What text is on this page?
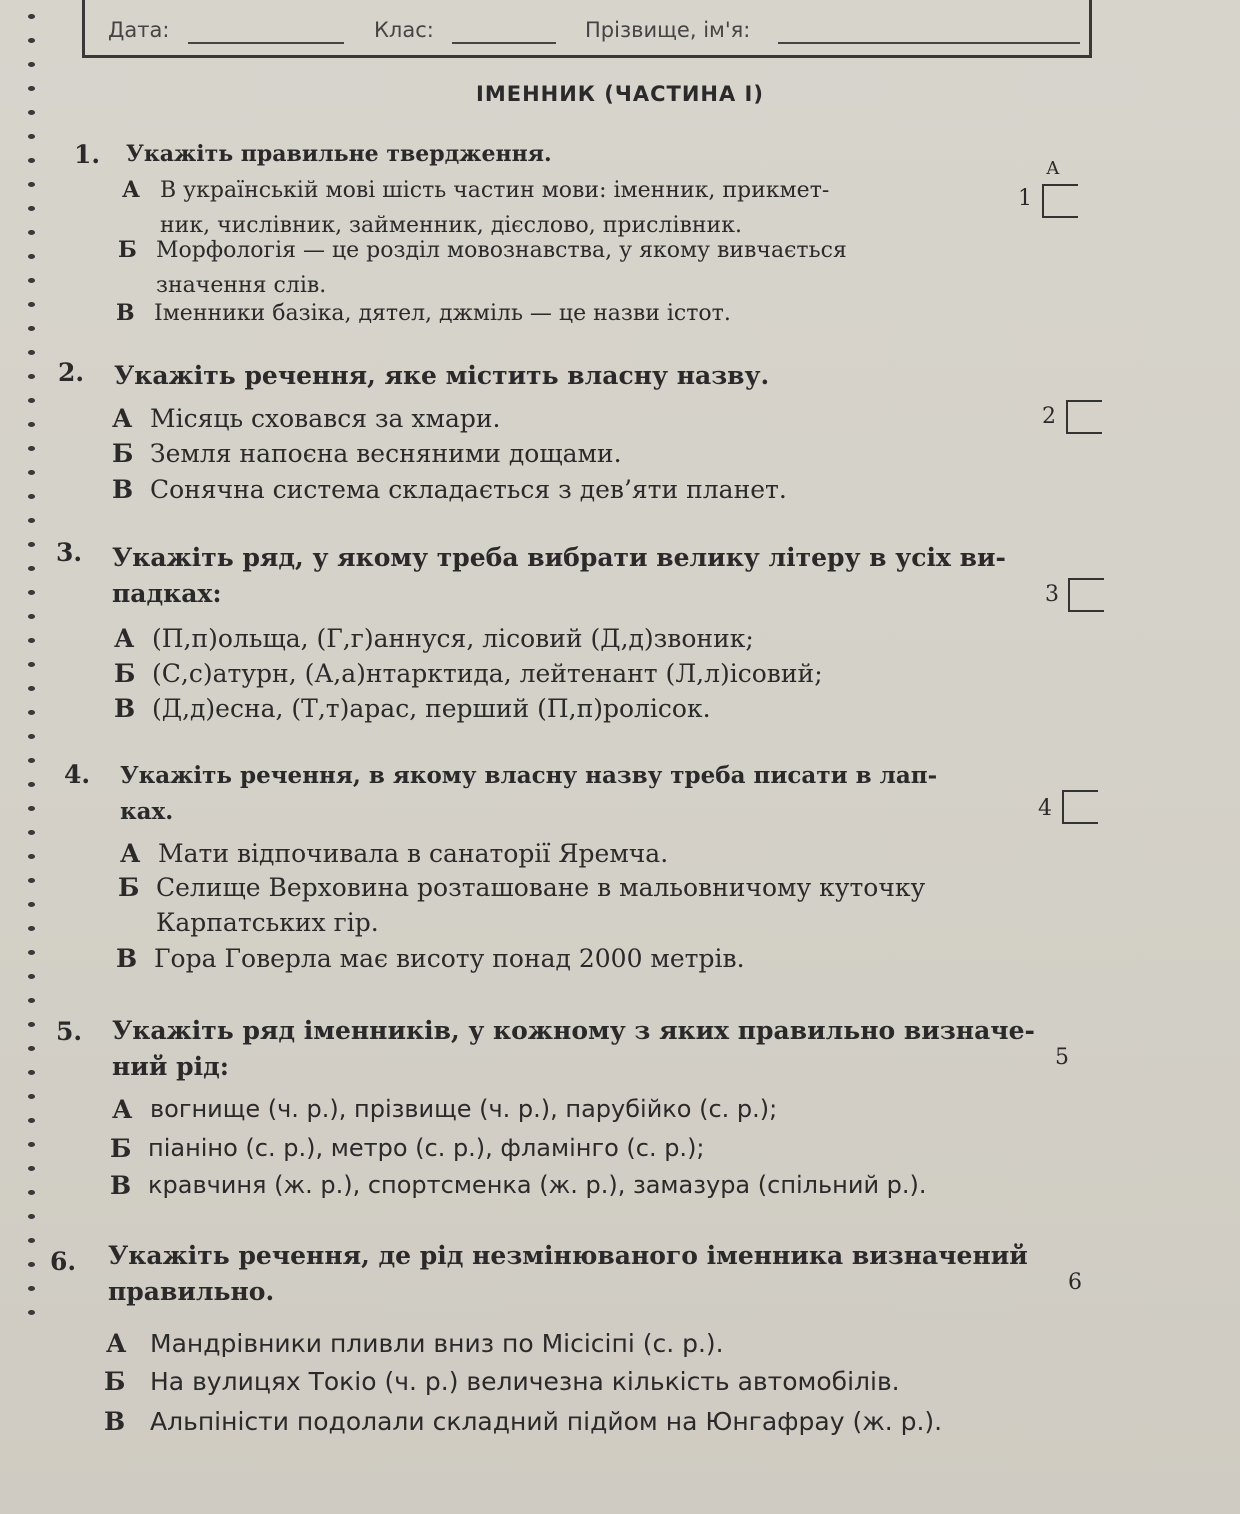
Дата:	Клас:	Прізвище, ім'я:
ІМЕННИК (ЧАСТИНА І)
1. Укажіть правильне твердження.
А В українській мові шість частин мови: іменник, прикмет-
ник, числівник, займенник, дієслово, прислівник.
Б Морфологія — це розділ мовознавства, у якому вивчається
значення слів.
В Іменники базіка, дятел, джміль — це назви істот.
2. Укажіть речення, яке містить власну назву.
А Місяць сховався за хмари.
Б Земля напоєна весняними дощами.
В Сонячна система складається з дев’яти планет.
3. Укажіть ряд, у якому треба вибрати велику літеру в усіх ви-
падках:
А (П,п)ольща, (Г,г)аннуся, лісовий (Д,д)звоник;
Б (С,с)атурн, (А,а)нтарктида, лейтенант (Л,л)ісовий;
В (Д,д)есна, (Т,т)арас, перший (П,п)ролісок.
4. Укажіть речення, в якому власну назву треба писати в лап-
ках.
А Мати відпочивала в санаторії Яремча.
Б Селище Верховина розташоване в мальовничому куточку
Карпатських гір.
В Гора Говерла має висоту понад 2000 метрів.
5. Укажіть ряд іменників, у кожному з яких правильно визначе-
ний рід:
А вогнище (ч. р.), прізвище (ч. р.), парубійко (с. р.);
Б піаніно (с. р.), метро (с. р.), фламінго (с. р.);
В кравчиня (ж. р.), спортсменка (ж. р.), замазура (спільний р.).
6. Укажіть речення, де рід незмінюваного іменника визначений
правильно.
А Мандрівники пливли вниз по Місісіпі (с. р.).
Б На вулицях Токіо (ч. р.) величезна кількість автомобілів.
В Альпіністи подолали складний підйом на Юнгафрау (ж. р.).
А
1
2
3
4
5
6
